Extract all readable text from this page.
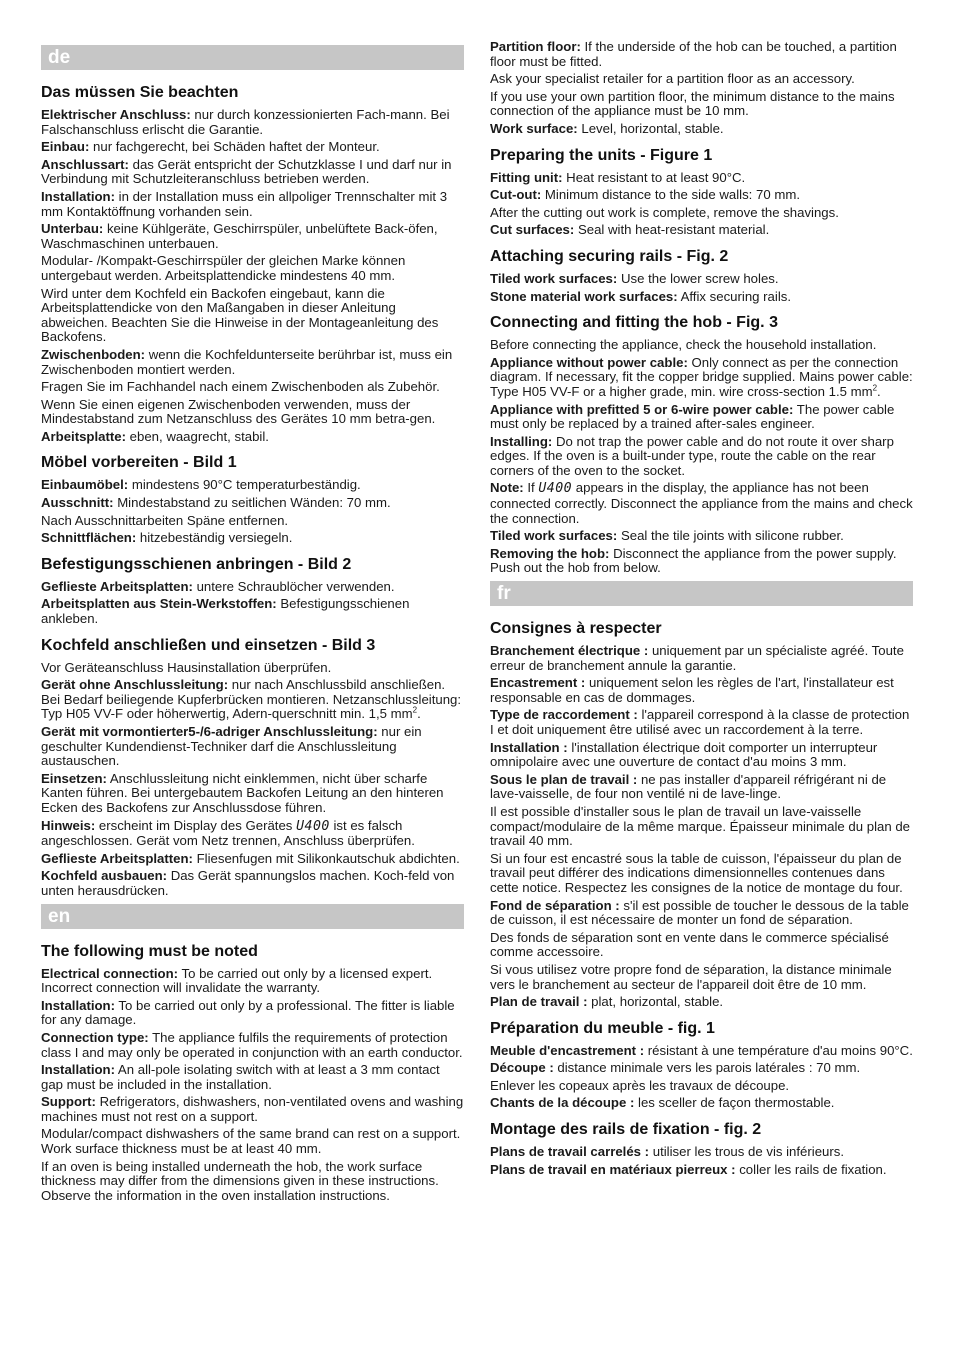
de
Das müssen Sie beachten

Elektrischer Anschluss: nur durch konzessionierten Fach-mann. Bei Falschanschluss erlischt die Garantie.

Einbau: nur fachgerecht, bei Schäden haftet der Monteur.

Anschlussart: das Gerät entspricht der Schutzklasse I und darf nur in Verbindung mit Schutzleiteranschluss betrieben werden.

Installation: in der Installation muss ein allpoliger Trennschalter mit 3 mm Kontaktöffnung vorhanden sein.

Unterbau: keine Kühlgeräte, Geschirrspüler, unbelüftete Back-öfen, Waschmaschinen unterbauen.

Modular- /Kompakt-Geschirrspüler der gleichen Marke können untergebaut werden. Arbeitsplattendicke mindestens 40 mm.

Wird unter dem Kochfeld ein Backofen eingebaut, kann die Arbeitsplattendicke von den Maßangaben in dieser Anleitung abweichen. Beachten Sie die Hinweise in der Montageanleitung des Backofens.

Zwischenboden: wenn die Kochfeldunterseite berührbar ist, muss ein Zwischenboden montiert werden.

Fragen Sie im Fachhandel nach einem Zwischenboden als Zubehör.

Wenn Sie einen eigenen Zwischenboden verwenden, muss der Mindestabstand zum Netzanschluss des Gerätes 10 mm betra-gen.

Arbeitsplatte: eben, waagrecht, stabil.

Möbel vorbereiten - Bild 1

Einbaumöbel: mindestens 90°C temperaturbeständig.

Ausschnitt: Mindestabstand zu seitlichen Wänden: 70 mm.

Nach Ausschnittarbeiten Späne entfernen.

Schnittflächen: hitzebeständig versiegeln.

Befestigungsschienen anbringen - Bild 2

Geflieste Arbeitsplatten: untere Schraublöcher verwenden.

Arbeitsplatten aus Stein-Werkstoffen: Befestigungsschienen ankleben.

Kochfeld anschließen und einsetzen - Bild 3

Vor Geräteanschluss Hausinstallation überprüfen.

Gerät ohne Anschlussleitung: nur nach Anschlussbild anschließen. Bei Bedarf beiliegende Kupferbrücken montieren. Netzanschlussleitung: Typ H05 VV-F oder höherwertig, Adern-querschnitt min. 1,5 $mm^2$.

Gerät mit vormontierter5-/6-adriger Anschlussleitung: nur ein geschulter Kundendienst-Techniker darf die Anschlussleitung austauschen.

Einsetzen: Anschlussleitung nicht einklemmen, nicht über scharfe Kanten führen. Bei untergebautem Backofen Leitung an den hinteren Ecken des Backofens zur Anschlussdose führen.

Hinweis: erscheint im Display des Gerätes U400 ist es falsch angeschlossen. Gerät vom Netz trennen, Anschluss überprüfen.

Geflieste Arbeitsplatten: Fliesenfugen mit Silikonkautschuk abdichten.

Kochfeld ausbauen: Das Gerät spannungslos machen. Koch-feld von unten herausdrücken.

en
The following must be noted

Electrical connection: To be carried out only by a licensed expert. Incorrect connection will invalidate the warranty.

Installation: To be carried out only by a professional. The fitter is liable for any damage.

Connection type: The appliance fulfils the requirements of protection class I and may only be operated in conjunction with an earth conductor.

Installation: An all-pole isolating switch with at least a 3 mm contact gap must be included in the installation.

Support: Refrigerators, dishwashers, non-ventilated ovens and washing machines must not rest on a support.

Modular/compact dishwashers of the same brand can rest on a support. Work surface thickness must be at least 40 mm.

If an oven is being installed underneath the hob, the work surface thickness may differ from the dimensions given in these instructions. Observe the information in the oven installation instructions.

Partition floor: If the underside of the hob can be touched, a partition floor must be fitted.

Ask your specialist retailer for a partition floor as an accessory.

If you use your own partition floor, the minimum distance to the mains connection of the appliance must be 10 mm.

Work surface: Level, horizontal, stable.

Preparing the units - Figure 1

Fitting unit: Heat resistant to at least 90°C.

Cut-out: Minimum distance to the side walls: 70 mm.

After the cutting out work is complete, remove the shavings.

Cut surfaces: Seal with heat-resistant material.

Attaching securing rails - Fig. 2

Tiled work surfaces: Use the lower screw holes.

Stone material work surfaces: Affix securing rails.

Connecting and fitting the hob - Fig. 3

Before connecting the appliance, check the household installation.

Appliance without power cable: Only connect as per the connection diagram. If necessary, fit the copper bridge supplied. Mains power cable: Type H05 VV-F or a higher grade, min. wire cross-section 1.5 $mm^2$.

Appliance with prefitted 5 or 6-wire power cable: The power cable must only be replaced by a trained after-sales engineer.

Installing: Do not trap the power cable and do not route it over sharp edges. If the oven is a built-under type, route the cable on the rear corners of the oven to the socket.

Note: If U400 appears in the display, the appliance has not been connected correctly. Disconnect the appliance from the mains and check the connection.

Tiled work surfaces: Seal the tile joints with silicone rubber.

Removing the hob: Disconnect the appliance from the power supply. Push out the hob from below.

fr
Consignes à respecter

Branchement électrique : uniquement par un spécialiste agréé. Toute erreur de branchement annule la garantie.

Encastrement : uniquement selon les règles de l'art, l'installateur est responsable en cas de dommages.

Type de raccordement : l'appareil correspond à la classe de protection I et doit uniquement être utilisé avec un raccordement à la terre.

Installation : l'installation électrique doit comporter un interrupteur omnipolaire avec une ouverture de contact d'au moins 3 mm.

Sous le plan de travail : ne pas installer d'appareil réfrigérant ni de lave-vaisselle, de four non ventilé ni de lave-linge.

Il est possible d'installer sous le plan de travail un lave-vaisselle compact/modulaire de la même marque. Épaisseur minimale du plan de travail 40 mm.

Si un four est encastré sous la table de cuisson, l'épaisseur du plan de travail peut différer des indications dimensionnelles contenues dans cette notice. Respectez les consignes de la notice de montage du four.

Fond de séparation : s'il est possible de toucher le dessous de la table de cuisson, il est nécessaire de monter un fond de séparation.

Des fonds de séparation sont en vente dans le commerce spécialisé comme accessoire.

Si vous utilisez votre propre fond de séparation, la distance minimale vers le branchement au secteur de l'appareil doit être de 10 mm.

Plan de travail : plat, horizontal, stable.

Préparation du meuble - fig. 1

Meuble d'encastrement : résistant à une température d'au moins 90°C.

Découpe : distance minimale vers les parois latérales : 70 mm.

Enlever les copeaux après les travaux de découpe.

Chants de la découpe : les sceller de façon thermostable.

Montage des rails de fixation - fig. 2

Plans de travail carrelés : utiliser les trous de vis inférieurs.

Plans de travail en matériaux pierreux : coller les rails de fixation.
